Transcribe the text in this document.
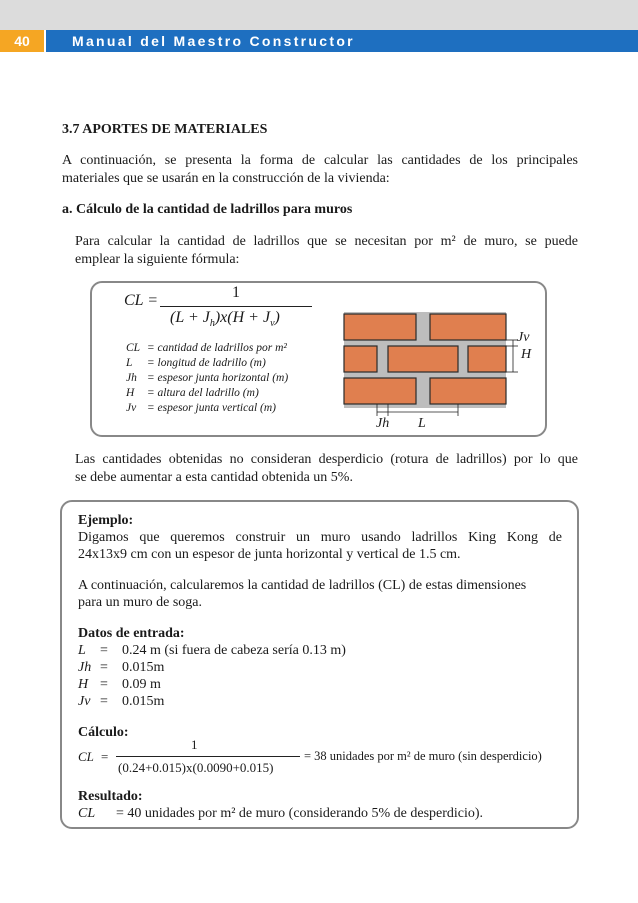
40	Manual del Maestro Constructor
3.7 APORTES DE MATERIALES
A continuación, se presenta la forma de calcular las cantidades de los principales
materiales que se usarán en la construcción de la vivienda:
a. Cálculo de la cantidad de ladrillos para muros
Para calcular la cantidad de ladrillos que se necesitan por m² de muro, se puede
emplear la siguiente fórmula:
CL =	1
$(L + J_h)x(H + J_v)$
CL = cantidad de ladrillos por m²
L = longitud de ladrillo (m)
Jh = espesor junta horizontal (m)
H = altura del ladrillo (m)
Jv = espesor junta vertical (m)
Jv
H
Jh L
Las cantidades obtenidas no consideran desperdicio (rotura de ladrillos) por lo que
se debe aumentar a esta cantidad obtenida un 5%.
Ejemplo:
Digamos que queremos construir un muro usando ladrillos King Kong de
24x13x9 cm con un espesor de junta horizontal y vertical de 1.5 cm.
A continuación, calcularemos la cantidad de ladrillos (CL) de estas dimensiones
para un muro de soga.
Datos de entrada:
L = 0.24 m (si fuera de cabeza sería 0.13 m)
Jh = 0.015m
H = 0.09 m
Jv = 0.015m
Cálculo:
CL  =
1
(0.24+0.015)x(0.0090+0.015)
= 38 unidades por m² de muro (sin desperdicio)
Resultado:
CL = 40 unidades por m² de muro (considerando 5% de desperdicio).
